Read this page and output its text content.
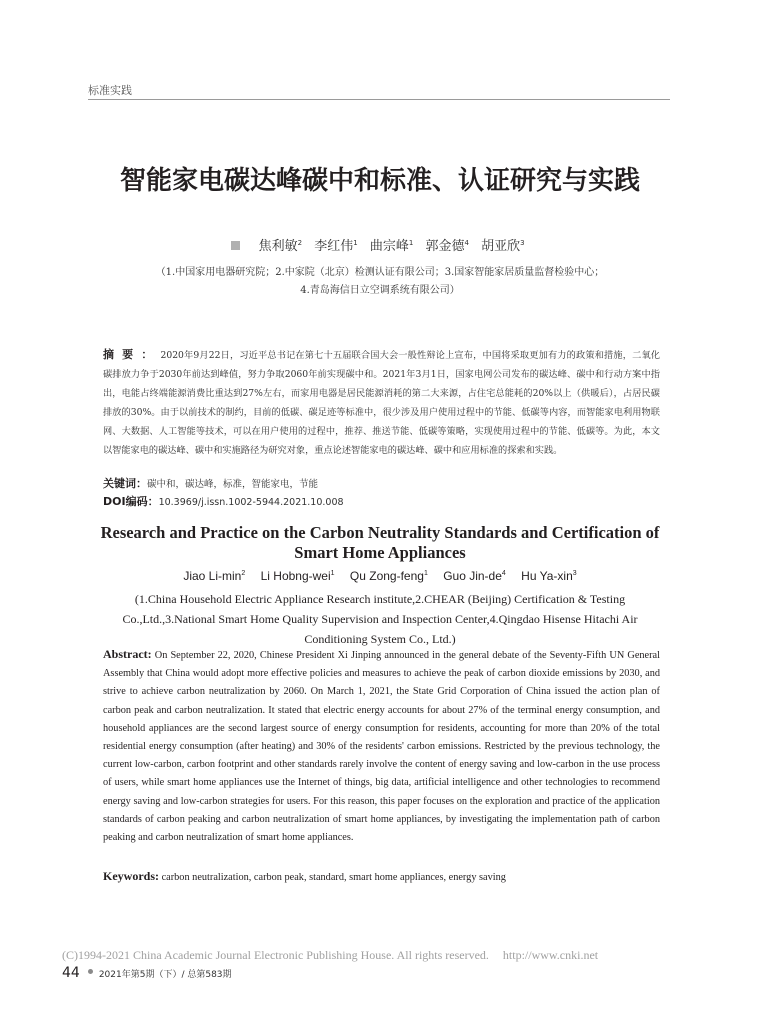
标准实践
智能家电碳达峰碳中和标准、认证研究与实践
焦利敏$^2$ 李红伟$^1$ 曲宗峰$^1$ 郭金德$^4$ 胡亚欣$^3$
（1.中国家用电器研究院；2.中家院（北京）检测认证有限公司；3.国家智能家居质量监督检验中心；
4.青岛海信日立空调系统有限公司）
摘要：2020年9月22日，习近平总书记在第七十五届联合国大会一般性辩论上宣布，中国将采取更加有力的政策和措施，二氧化碳排放力争于2030年前达到峰值，努力争取2060年前实现碳中和。2021年3月1日，国家电网公司发布的碳达峰、碳中和行动方案中指出，电能占终端能源消费比重达到27%左右，而家用电器是居民能源消耗的第二大来源，占住宅总能耗的20%以上（供暖后），占居民碳排放的30%。由于以前技术的制约，目前的低碳、碳足迹等标准中，很少涉及用户使用过程中的节能、低碳等内容，而智能家电利用物联网、大数据、人工智能等技术，可以在用户使用的过程中，推荐、推送节能、低碳等策略，实现使用过程中的节能、低碳等。为此，本文以智能家电的碳达峰、碳中和实施路径为研究对象，重点论述智能家电的碳达峰、碳中和应用标准的探索和实践。
关键词：碳中和，碳达峰，标准，智能家电，节能
DOI编码：10.3969/j.issn.1002-5944.2021.10.008
Research and Practice on the Carbon Neutrality Standards and Certification of Smart Home Appliances
Jiao $Li-\min^2$ Li Hobng-wei$^1$ Qu Zong-feng$^1$ Guo Jin-$de^4$ Hu Ya-xin$^3$
(1.China Household Electric Appliance Research institute,2.CHEAR (Beijing) Certification & Testing Co.,Ltd.,3.National Smart Home Quality Supervision and Inspection Center,4.Qingdao Hisense Hitachi Air Conditioning System Co., Ltd.)
Abstract: On September 22, 2020, Chinese President Xi Jinping announced in the general debate of the Seventy-Fifth UN General Assembly that China would adopt more effective policies and measures to achieve the peak of carbon dioxide emissions by 2030, and strive to achieve carbon neutralization by 2060. On March 1, 2021, the State Grid Corporation of China issued the action plan of carbon peak and carbon neutralization. It stated that electric energy accounts for about 27% of the terminal energy consumption, and household appliances are the second largest source of energy consumption for residents, accounting for more than 20% of the total residential energy consumption (after heating) and 30% of the residents' carbon emissions. Restricted by the previous technology, the current low-carbon, carbon footprint and other standards rarely involve the content of energy saving and low-carbon in the use process of users, while smart home appliances use the Internet of things, big data, artificial intelligence and other technologies to recommend energy saving and low-carbon strategies for users. For this reason, this paper focuses on the exploration and practice of the application standards of carbon peaking and carbon neutralization of smart home appliances, by investigating the implementation path of carbon peaking and carbon neutralization of smart home appliances.
Keywords: carbon neutralization, carbon peak, standard, smart home appliances, energy saving
(C)1994-2021 China Academic Journal Electronic Publishing House. All rights reserved. http://www.cnki.net
44 2021年第5期（下）/ 总第583期
